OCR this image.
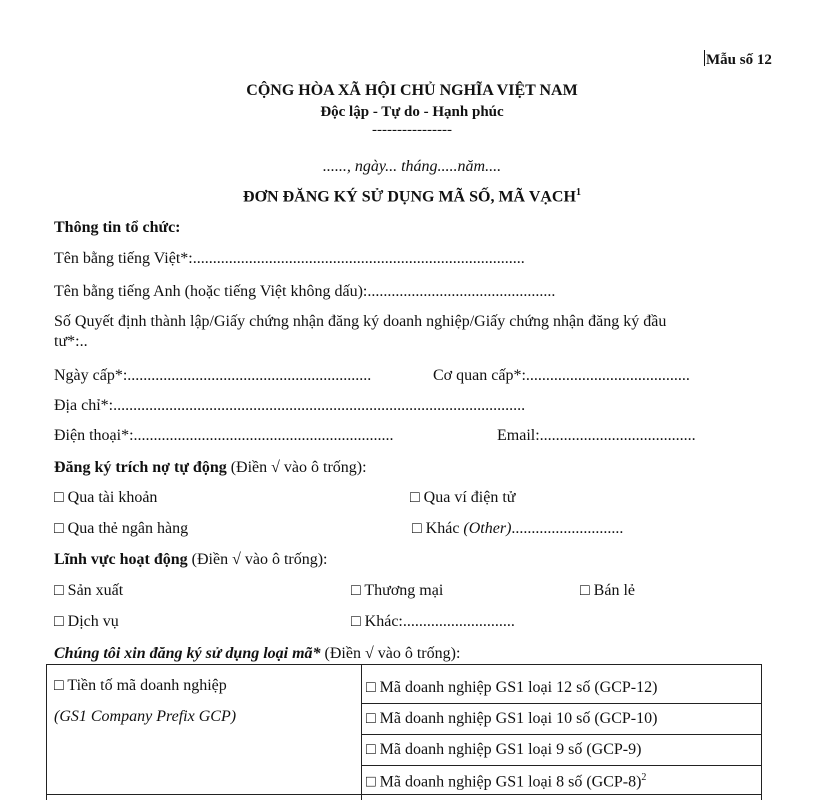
Mẫu số 12
CỘNG HÒA XÃ HỘI CHỦ NGHĨA VIỆT NAM
Độc lập - Tự do - Hạnh phúc
----------------
......, ngày... tháng.....năm....
ĐƠN ĐĂNG KÝ SỬ DỤNG MÃ SỐ, MÃ VẠCH$^1$
Thông tin tổ chức:
Tên bằng tiếng Việt*:...................................................................................
Tên bằng tiếng Anh (hoặc tiếng Việt không dấu):...............................................
Số Quyết định thành lập/Giấy chứng nhận đăng ký doanh nghiệp/Giấy chứng nhận đăng ký đầu
tư*:..
Ngày cấp*:.............................................................	Cơ quan cấp*:.........................................
Địa chỉ*:.......................................................................................................
Điện thoại*:.................................................................	Email:.......................................
Đăng ký trích nợ tự động (Điền √ vào ô trống):
□ Qua tài khoản	□ Qua ví điện tử
□ Qua thẻ ngân hàng	□ Khác (Other)............................
Lĩnh vực hoạt động (Điền √ vào ô trống):
□ Sản xuất	□ Thương mại	□ Bán lẻ
□ Dịch vụ	□ Khác:............................
Chúng tôi xin đăng ký sử dụng loại mã* (Điền √ vào ô trống):
□ Tiền tố mã doanh nghiệp
(GS1 Company Prefix GCP)
□ Mã doanh nghiệp GS1 loại 12 số (GCP-12)
□ Mã doanh nghiệp GS1 loại 10 số (GCP-10)
□ Mã doanh nghiệp GS1 loại 9 số (GCP-9)
□ Mã doanh nghiệp GS1 loại 8 số $(GCP-8)^2$
